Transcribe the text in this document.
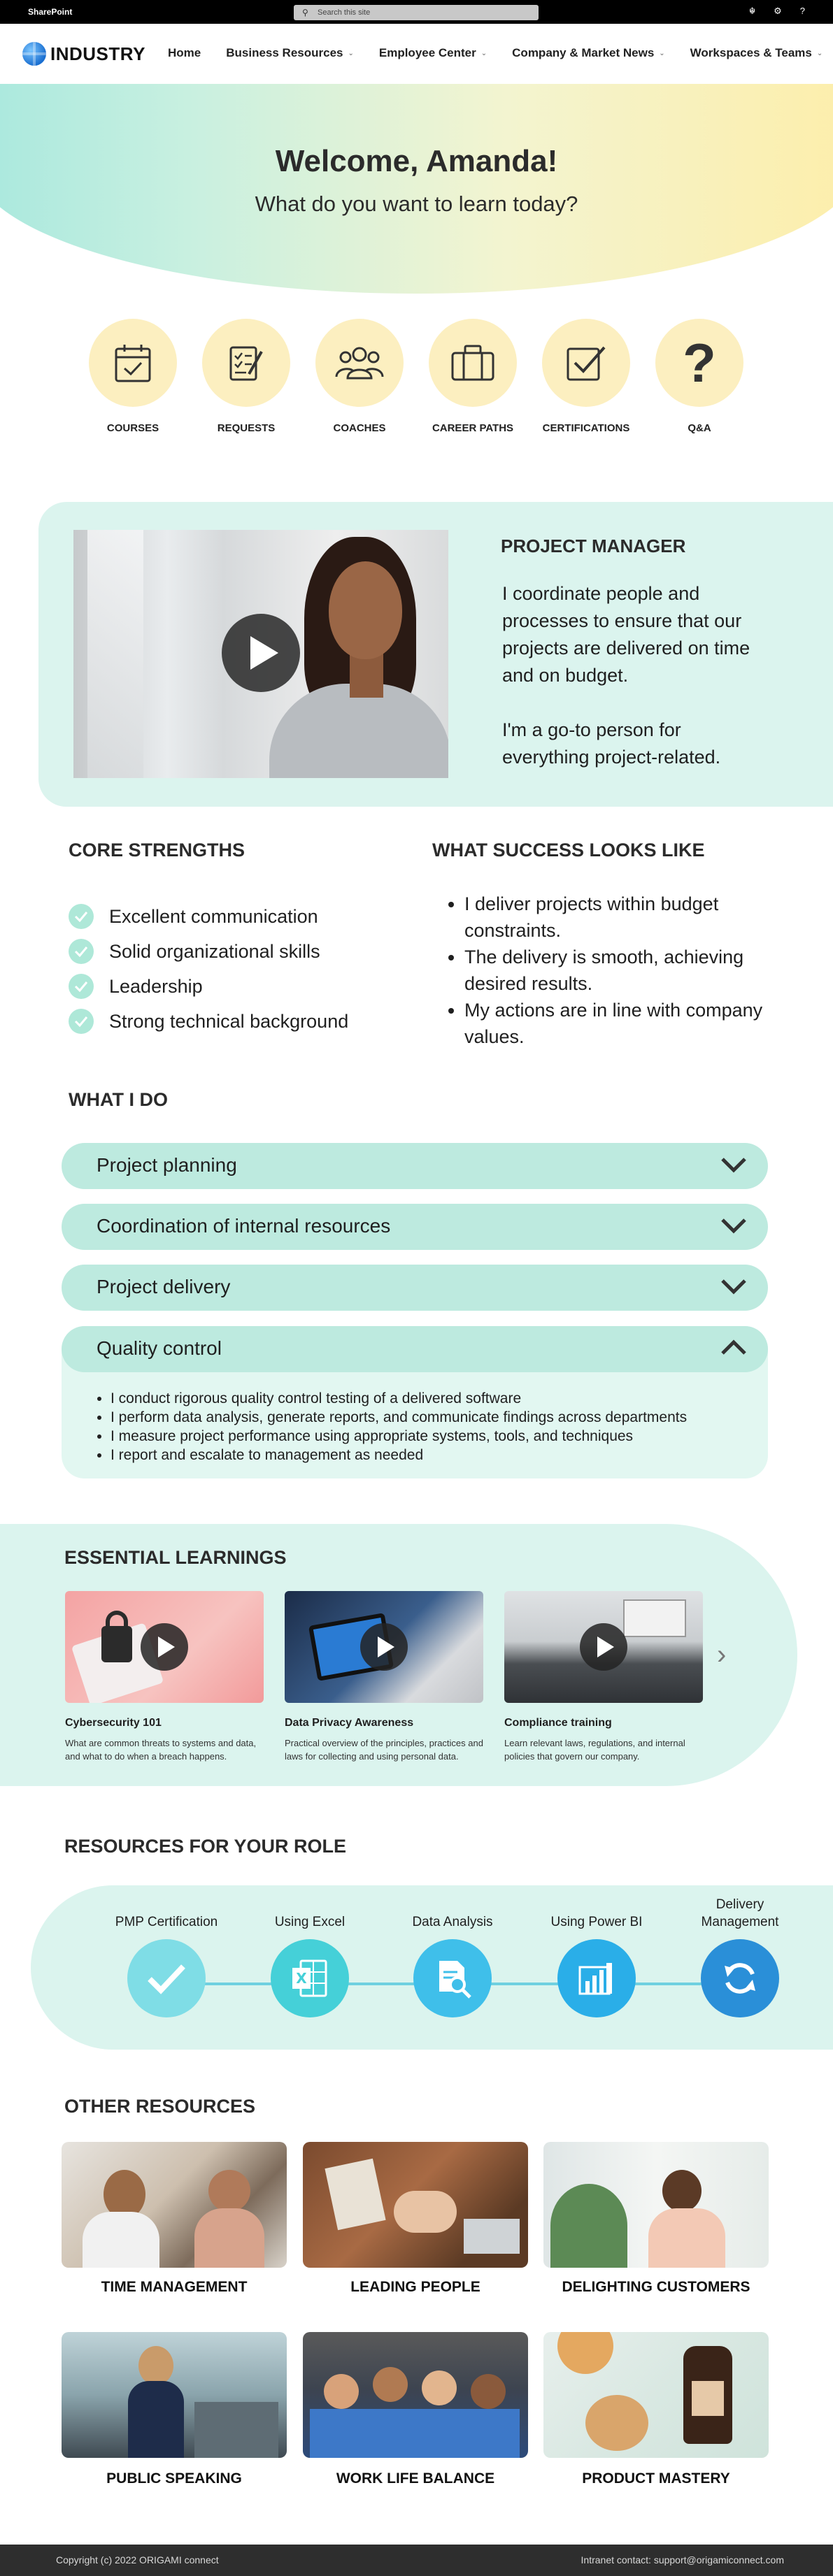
SharePoint	⚲ Search this site	☬ ⚙ ?
INDUSTRY Home Business Resources ⌄ Employee Center ⌄ Company & Market News ⌄ Workspaces & Teams ⌄
Welcome, Amanda!
What do you want to learn today?
COURSES	REQUESTS	COACHES	CAREER PATHS	CERTIFICATIONS
?
Q&A
PROJECT MANAGER

I coordinate people and processes to ensure that our projects are delivered on time and on budget.

I'm a go-to person for everything project-related.

CORE STRENGTHS
Excellent communication
Solid organizational skills
Leadership
Strong technical background
WHAT SUCCESS LOOKS LIKE
• I deliver projects within budget constraints.
• The delivery is smooth, achieving desired results.
• My actions are in line with company values.
WHAT I DO
Project planning
Coordination of internal resources
Project delivery
• I conduct rigorous quality control testing of a delivered software
• I perform data analysis, generate reports, and communicate findings across departments
• I measure project performance using appropriate systems, tools, and techniques
• I report and escalate to management as needed
Quality control
ESSENTIAL LEARNINGS
Cybersecurity 101
What are common threats to systems and data, and what to do when a breach happens.
Data Privacy Awareness
Practical overview of the principles, practices and laws for collecting and using personal data.
Compliance training
Learn relevant laws, regulations, and internal policies that govern our company.
›
RESOURCES FOR YOUR ROLE
PMP Certification	Using Excel
X
Data Analysis	Using Power BI
Delivery Management
OTHER RESOURCES
TIME MANAGEMENT	LEADING PEOPLE	DELIGHTING CUSTOMERS
PUBLIC SPEAKING	WORK LIFE BALANCE	PRODUCT MASTERY
Copyright (c) 2022 ORIGAMI connect	Intranet contact: support@origamiconnect.com
